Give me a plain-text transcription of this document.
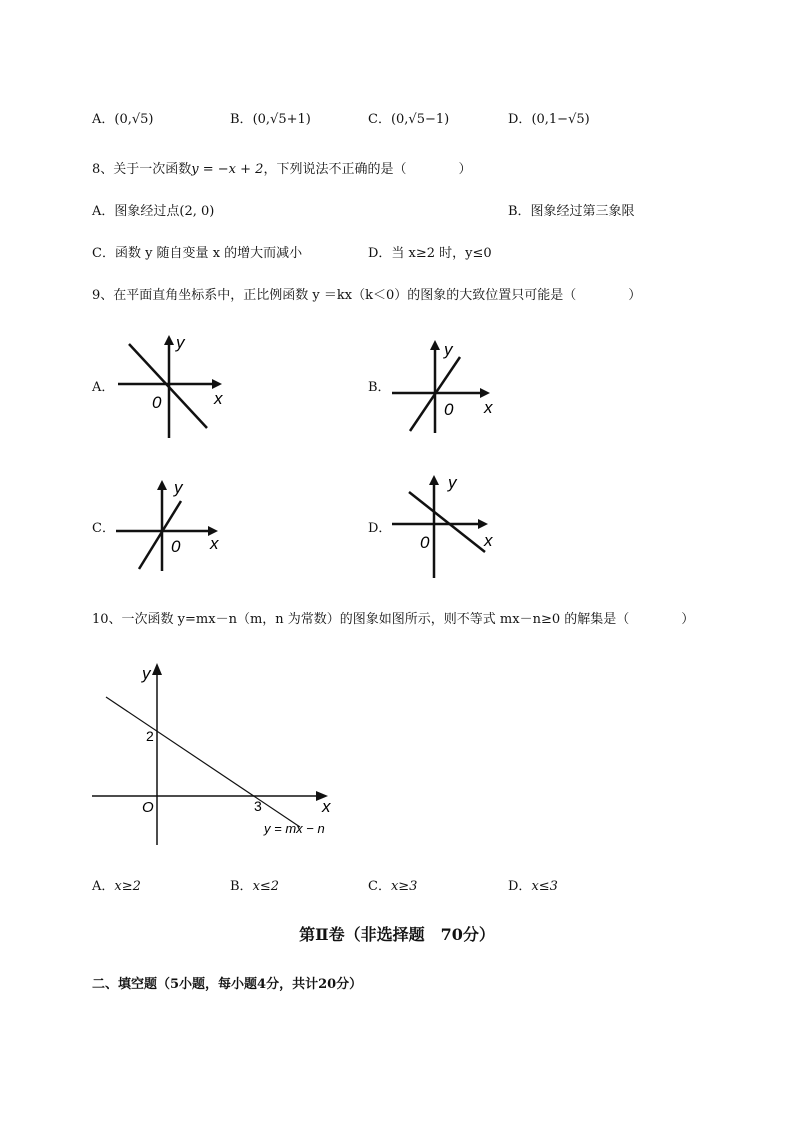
A．(0,√5)	B．(0,√5+1)	C．(0,√5−1)	D．(0,1−√5)
8、关于一次函数y = −x + 2，下列说法不正确的是（　　　　）
A．图象经过点(2, 0)	B．图象经过第三象限
C．函数 y 随自变量 x 的增大而减小	D．当 x≥2 时，y≤0
9、在平面直角坐标系中，正比例函数 y ＝kx（k＜0）的图象的大致位置只可能是（　　　　）
A．
y
x
0
B．
y
x
0
C．
y
x
0
D．
y
x
0
10、一次函数 y=mx－n（m，n 为常数）的图象如图所示，则不等式 mx－n≥0 的解集是（　　　　）
y
x
O
2
3
y = mx − n
A．x≥2	B．x≤2	C．x≥3	D．x≤3
第Ⅱ卷（非选择题　70分）
二、填空题（5小题，每小题4分，共计20分）
